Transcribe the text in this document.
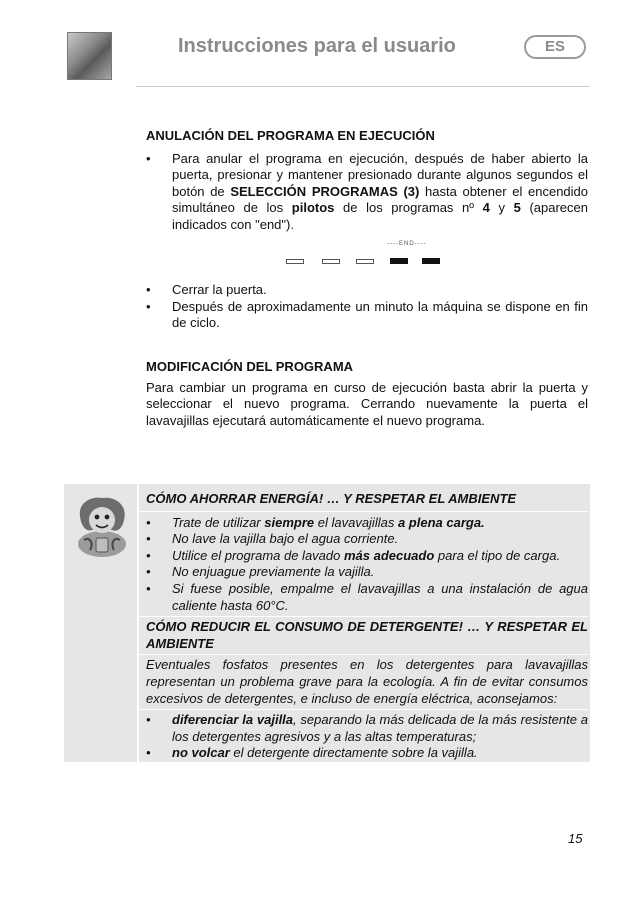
Instrucciones para el usuario	ES
ANULACIÓN DEL PROGRAMA EN EJECUCIÓN
• Para anular el programa en ejecución, después de haber abierto la puerta, presionar y mantener presionado durante algunos segundos el botón de SELECCIÓN PROGRAMAS (3) hasta obtener el encendido simultáneo de los pilotos de los programas nº 4 y 5 (aparecen indicados con "end").
----END----
• Cerrar la puerta.
• Después de aproximadamente un minuto la máquina se dispone en fin de ciclo.
MODIFICACIÓN DEL PROGRAMA

Para cambiar un programa en curso de ejecución basta abrir la puerta y seleccionar el nuevo programa. Cerrando nuevamente la puerta el lavavajillas ejecutará automáticamente el nuevo programa.

CÓMO AHORRAR ENERGÍA! … Y RESPETAR EL AMBIENTE
• Trate de utilizar siempre el lavavajillas a plena carga.
• No lave la vajilla bajo el agua corriente.
• Utilice el programa de lavado más adecuado para el tipo de carga.
• No enjuague previamente la vajilla.
• Si fuese posible, empalme el lavavajillas a una instalación de agua caliente hasta 60°C.
CÓMO REDUCIR EL CONSUMO DE DETERGENTE! … Y RESPETAR EL AMBIENTE

Eventuales fosfatos presentes en los detergentes para lavavajillas representan un problema grave para la ecología. A fin de evitar consumos excesivos de detergentes, e incluso de energía eléctrica, aconsejamos:

• diferenciar la vajilla, separando la más delicada de la más resistente a los detergentes agresivos y a las altas temperaturas;
• no volcar el detergente directamente sobre la vajilla.
15
